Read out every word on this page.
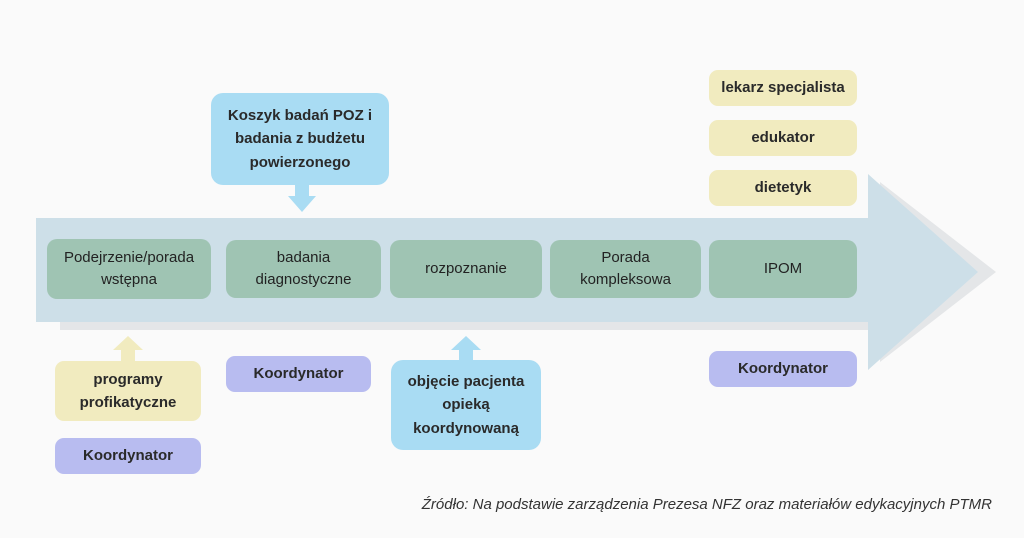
Podejrzenie/porada wstępna
badania diagnostyczne
rozpoznanie
Porada kompleksowa
IPOM
Koszyk badań POZ i badania z budżetu powierzonego
lekarz specjalista
edukator
dietetyk
programy profikatyczne
Koordynator
Koordynator	objęcie pacjenta opieką koordynowaną
Koordynator
Źródło: Na podstawie zarządzenia Prezesa NFZ oraz materiałów edykacyjnych PTMR
